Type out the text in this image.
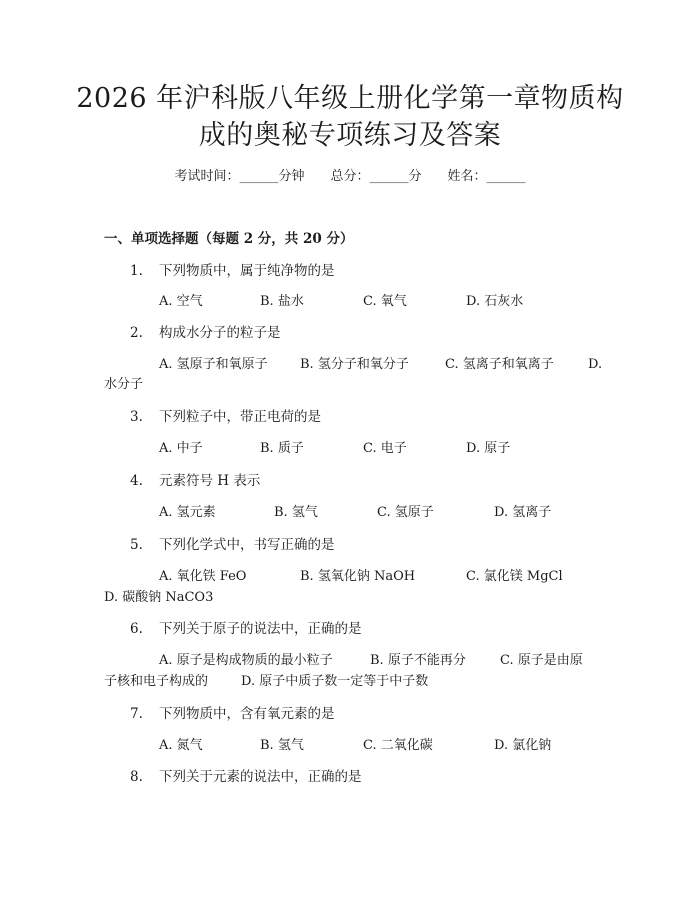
2026 年沪科版八年级上册化学第一章物质构
成的奥秘专项练习及答案
考试时间：______分钟 总分：______分 姓名：______
一、单项选择题（每题 2 分，共 20 分）
1. 下列物质中，属于纯净物的是
A. 空气	B. 盐水	C. 氧气	D. 石灰水
2. 构成水分子的粒子是
A. 氢原子和氧原子 B. 氢分子和氧分子	C. 氢离子和氧离子	D.
水分子
3. 下列粒子中，带正电荷的是
A. 中子	B. 质子	C. 电子	D. 原子
4. 元素符号 H 表示
A. 氢元素	B. 氢气	C. 氢原子	D. 氢离子
5. 下列化学式中，书写正确的是
A. 氧化铁 FeO	B. 氢氧化钠 NaOH	C. 氯化镁 MgCl
D. 碳酸钠 NaCO3
6. 下列关于原子的说法中，正确的是
A. 原子是构成物质的最小粒子	B. 原子不能再分	C. 原子是由原
子核和电子构成的	D. 原子中质子数一定等于中子数
7. 下列物质中，含有氧元素的是
A. 氮气	B. 氢气	C. 二氧化碳	D. 氯化钠
8. 下列关于元素的说法中，正确的是
